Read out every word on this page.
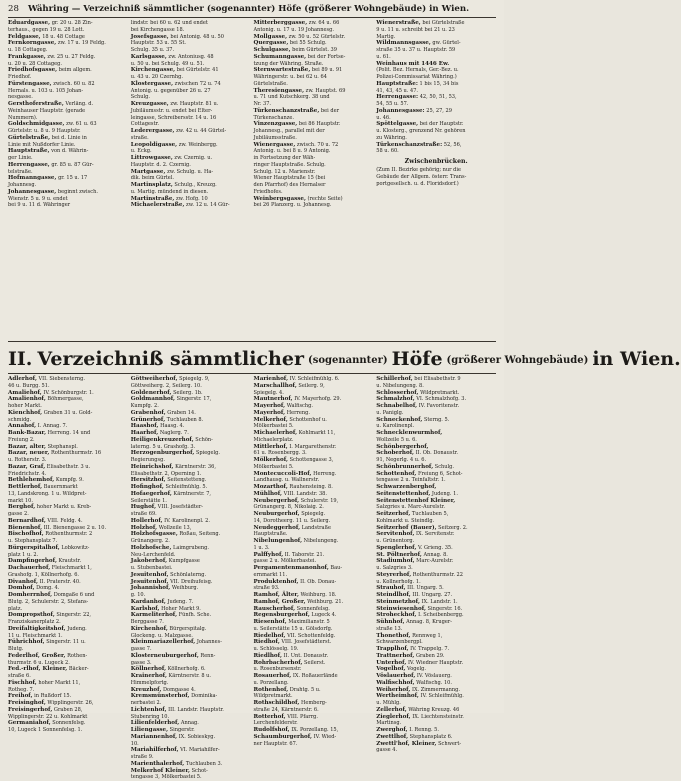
28 Währing — Verzeichniß sämmtlicher (sogenannter) Höfe (größerer Wohngebäude) in Wien.
Eduardgasse, gr. 20 u. 28 Zin-
terhaus., gegen 19 u. 28 Lott.
Feldgasse, 18 u. 48 Cottage
Fernkorngasse, zw. 17 u. 19 Feldg.
u. 18 Cottageg.
Frankgasse, zw. 25 u. 27 Feldg.
u. 20 u. 28 Cottageg.
Friedhofsgasse, beim allgem.
Friedhof.
Fürstengasse, zwisch. 60 u. 82
Hernals. u. 103 u. 105 Johan-
nesgasse.
Gersthoferstraße, Verläng. d.
Weinhauser Hauptstr. (gerade
Nummern).
Goldschmidgasse, zw. 61 u. 63
Gürtelstr. u. 8 u. 9 Hauptstr.
Gürtelstraße, bei d. Linie in
Linie mit Nußdorfer Linie.
Hauptstraße, von d. Währin-
ger Linie.
Herrengasse, gr. 85 u. 87 Gür-
telstraße.
Hofmanngasse, gr. 15 u. 17
Johannesg.
Johannesgasse, beginnt zwisch.
Wienstr. 5 u. 9 u. endet
bei 9 u. 11 d. Währinger
lindstr. bei 60 u. 62 und endet
bei Kirchengasse 18.
Josefsgasse, bei Antonig. 48 u. 50
Hauptstr. 53 u. 55 St.
Schulg. 35 u. 37.
Karlsgasse, zw. Antoniusg. 48
u. 50 u. bei Schulg. 49 u. 51.
Kirchengasse, bei Gürtelstr. 41
u. 43 u. 20 Czernhg.
Klostergasse, zwischen 72 u. 74
Antonig. u. gegenüber 26 u. 27
Schulg.
Kreuzgasse, zw. Hauptstr. 81 u.
Jubiläumsstr. u. endet bei Elter-
leingasse, Schreibersstr. 14 u. 16
Cottagestr.
Lederergasse, zw. 42 u. 44 Gürtel-
straße.
Leopoldigasse, zw. Weinbergg.
u. Eckg.
Littrowgasse, zw. Czernig. u.
Hauptstr. d. 2. Czernig.
Martgasse, zw. Schulg. u. Ha-
dik. beim Gürtel.
Martinsplatz, Schulg., Kreuzg.
u. Martig. mündend in diesen.
Martinstraße, zw. Hofg. 10
Michaelerstraße, zw. 12 u. 14 Gür-
Mitterberggasse, zw. 64 u. 66
Antonig. u. 17 u. 19 Johannesg.
Mollgasse, zw. 50 u. 52 Gürtelstr.
Quergasse, bei 55 Schulg.
Schulgasse, beim Gürtelst. 39
Schumanngasse, bei der Fortse-
tzung der Währing. Straße.
Sternwartestraße, bei 89 u. 91
Währingerstr. u. bei 62 u. 64
Gürtelstraße.
Theresiengasse, zw. Hauptst. 69
u. 71 und Kutschkerg. 38 und
Nr. 37.
Türkenschanzstraße, bei der
Türkenschanze.
Vinzenzgasse, bei 86 Hauptstr.
Johannesg., parallel mit der
Jubiläumsstraße.
Wienergasse, zwisch. 70 u. 72
Antonig. u. bei 8 u. 9 Antonig.
in Fortsetzung der Wäh-
ringer Hauptstraße. Schulg.
Schulg. 12 u. Marienstr.
Wiener Hauptstraße 15 (bei
den Pfarrhof) des Hernalser
Friedhofes.
Weinbergsgasse, (rechte Seite)
bei 26 Planzerg. u. Johannesg.
Wienerstraße, bei Gürtelstraße
9 u. 11 u. schreibt bei 21 u. 23
Martig.
Wildmannsgasse, gw. Gürtel-
straße 35 u. 37 u. Hauptstr. 59
u. 61.
Weinhaus mit 1446 Ew.
(Polit. Bez. Hernals, Ger.-Bez. u.
Polizei-Commissariat Währing.)
Hauptstraße: 1 bis 15, 34 bis
41, 43, 45 u. 47.
Herrengasse: 42, 50, 51, 53,
54, 55 u. 57.
Johannesgasse: 25, 27, 29
u. 46.
Spöttelgasse, bei der Hauptstr.
u. Klosterg., grenzend Nr. gehören
zu Währing.
Türkenschanzstraße: 52, 56,
58 u. 60.
Zwischenbrücken.
(Zum II. Bezirke gehörig; nur die
Gebäude der Allgem. österr. Trans-
portgesellsch. u. d. Floridsdorf.)
II. Verzeichniß sämmtlicher (sogenannter) Höfe (größerer Wohngebäude) in Wien.
Adlerhof, VII. Siebensterng.
46 u. Burgg. 51.
Amaliehof, IV. Schönburgstr. 1.
Amalienhof, Böhmergasse,
hoher Markt.
Kienchhof, Graben 31 u. Gold-
schmidg.
Annahof, I. Annag. 7.
Bank-Bazar, Herreng. 14 und
Freiung 2.
Bazar, alter, Stephanspl.
Bazar, neuer, Rothenthurmstr. 16
u. Rotherstr. 3.
Bazar, Graf, Elisabethstr. 3 u.
Friedrichstr. 4.
Bethlehemhof, Kumpfg. 9.
Bettlerhof, Bauernmarkt
13, Landskrong. 1 u. Wildpret-
markt 10.
Berghof, hoher Markt u. Kreb-
gasse 2.
Bernardhof, VIII. Feldg. 4.
Bienenhof, III. Bienengasse 2 u. 10.
Bischofhof, Rothenthurmstr. 2
u. Stephansplatz 7.
Bürgerspitalhof, Lobkowitz-
platz 1 u. 2.
Dampfingerhof, Krautstr.
Dachauerhof, Fleischmarkt 1,
Grashofg. 1, Köllnerhofg. 6.
Divanhof, II. Praterstr. 40.
Domhof, Domg. 4.
Domherrnhof, Domgaße 6 und
Blutg. 2, Schulerstr. 2, Stefans-
platz.
Dompropsthof, Singerstr. 22,
Franziskanerplatz 2.
Dreifaltigkeitshof, Judeng.
11 u. Fleischmarkt 1.
Führichhof, Singerstr. 11 u.
Blutg.
Federlhof, Großer, Rothen-
thurmstr. 6 u. Lugeck 2.
Fed.-rlhof, Kleiner, Bäcker-
straße 6.
Fischhof, hoher Markt 11,
Rotheg. 7.
Freihof, in Rußdorf 15.
Freisinghof, Wipplingerstr. 26,
Freisingerhof, Graben 28,
Wipplingerstr. 22 u. Kohlmarkt
Germaniahof, Sonnenfelsg.
10, Lugeck 1 Sonnenfelsg. 1.
Göttweiherhof, Spiegelg. 9,
Göttweiherg. 2, Seilerg. 10.
Goldenerhof, Seilerg. 1b.
Goldmannhof, Singerstr. 17,
Kumpfg. 2.
Grabenhof, Graben 14.
Grünerhof, Tuchlauben 8.
Haashof, Haasg. 4.
Haarhof, Naglerg. 7.
Heiligenkreuzerhof, Schön-
laterng. 5 u. Grashofg. 3.
Herzogenburgerhof, Spiegelg.
Regierungsg.
Heinrichshof, Kärntnerstr. 36,
Elisabethstr. 2, Operning 1.
Hersitzhof, Seitenstetteng.
Hofinghof, Schleifmühlg. 5.
Hofaegerhof, Kärntnerstr. 7,
Seilerstätte 1.
Hughof, VIII. Josefstädter-
straße 69.
Hollerhof, IV. Karolinenpl. 2.
Holzhof, Wollzeile 13,
Holzhofsgasse, Roßau, Seiteng.
Grünangerg. 2.
Holzhofsche, Laimgrubeng.
Neu-Lerchenfeld.
Jakoberhof, Kumpfgasse
u. Stubenbastei.
Jesuitenhof, Schönlaterng.
Jesuitenhof, VII. Dreihufeisg.
Johannishof, Weihburg.
g. 10.
Kardanhof, Judeng. 7.
Karlshof, Hoher Markt 9.
Karmeliterhof, Fünfh. Sche.
Berggasse 7.
Kirchenhof, Bürgerspitalg.
Glockeng. u. Malzgasse.
Kleinmariazellerhof, Johannes-
gasse 7.
Klosterneuburgerhof, Renn-
gasse 3.
Köllnerhof, Köllnerhofg. 6.
Krainerhof, Kärntnerstr. 8 u.
Himmelpfortg.
Kreuzhof, Domgasse 4.
Kremsmünsterhof, Dominika-
nerbastei 2.
Lichtenhof, III. Landstr. Hauptstr.
Stubenring 10.
Lilienfelderhof, Annag.
Liliengasse, Singerstr.
Mariannenhof, IX. Sobieskyg.
10.
Mariahilferhof, VI. Mariahilfer-
straße 9.
Marienthalerhof, Tuchlauben 3.
Melkerhof Kleiner, Schot-
tengasse 3, Mölkerbastei 5.
Marienhof, IV. Schleifmühlg. 6.
Marschallhof, Seilerg. 9,
Spiegelg. 4.
Mautnerhof, IV. Mayerhofg. 29.
Mayerhof, Walfischg.
Mayerhof, Herreng.
Melkerhof, Schottenhof u.
Mölkerbastei 5.
Michaelerhof, Kohlmarkt 11,
Michaelerplatz.
Mittlerhof, I. Margarethenstr.
61 u. Rosenbergg. 3.
Mölkerhof, Schottengasse 3,
Mölkerbastei 5.
Montecuccoli-Hof, Herreng.
Landhausg. u. Wallnerstr.
Mozarthof, Rauhensteing. 8.
Mühlhof, VIII. Landstr. 38.
Neubergerhof, Schulerstr. 19,
Grünangerg. 8, Nikolaig. 2.
Neuburgerhof, Spiegelg.
14, Dorotheerg. 11 u. Seilerg.
Neudeggerhof, Landstraße
Hauptstraße.
Nibelungenhof, Nibelungeng.
1 u. 3.
Palffyhof, II. Taborstr. 21.
gasse 2 u. Mölkerbastei.
Pergamentenmanonhof, Bau-
ernmarkt 11.
Produktenhof, II. Ob. Donau-
straße 93.
Ramhof, Älter, Weihburg. 18.
Ramhof, Großer, Weihburg. 21.
Rauscherhof, Sonnenfelsg.
Regensburgerhof, Lugeck 4.
Riesenhof, Maximilianstr. 5
u. Seilerstätte 15 u. Gölsdorfg.
Riedelhof, VII. Schottenfeldg.
Riedhof, VIII. Josefstädterst.
u. Schlösselg. 19.
Riedlhof, II. Unt. Donaustr.
Rohrbacherhof, Seilerst.
u. Rosenbursenstr.
Rosauerhof, IX. Roßauerlände
u. Porzellang.
Rothenhof, Drahtg. 5 u.
Wildpretmarkt.
Rothschildhof, Hemberg-
straße 24, Kärntnerstr. 6.
Rotterhof, VIII. Pfarrg.
Lerchenfelderstr.
Rudolfshof, IX. Porzellang. 15,
Schaumburgerhof, IV. Wied-
ner Hauptstr. 67.
Schillerhof, bei Elisabethstr. 9
u. Nibelungeng. 8.
Schlosserhof, Wildpretmarkt.
Schmalzhof, VI. Schmalzhofg. 3.
Schnabelhof, IV. Favoritenstr.
u. Paniglg.
Schneckenhof, Sterng. 5.
u. Karolinenpl.
Schnecklenwurmhof,
Wollzeile 5 u. 6.
Schönbergerhof,
Schoberhof, II. Ob. Donaustr.
91, Negerlg. 4 u. 6.
Schönbrunnerhof, Schulg.
Schottenhof, Freiung 6, Schot-
tengasse 2 u. Teinfaltstr. 1.
Schwarzenberghof,
Seitenstettenhof, Judeng. 1.
Seitenstettenhof Kleiner,
Salzgries u. Marc-Aurelstr.
Seitzerhof, Tuchlauben 5,
Kohlmarkt u. Steindlg.
Seitzerhof (Bauer), Seitzerg. 2.
Servitenhof, IX. Servitenstr.
u. Grünentorg.
Spenglerhof, V. Grieng. 35.
St. Pöltnerhof, Annag. 8.
Stadiumhof, Marc-Aurelstr.
u. Salzgries 3.
Steyrerhof, Rothenthurmstr. 22
u. Kollnerhofg. 1.
Strauhof, III. Ungarg. 5.
Steindlhof, III. Ungarg. 27.
Steinmetzhof, IX. Landstr. 1.
Steinwiesenhof, Singerstr. 16.
Stroheckhof, I. Scheibenbergg.
Sühnhof, Annag. 8, Kruger-
straße 13.
Thonethof, Rennweg 1,
Schwarzenbergpl.
Trapplhof, IV. Trappelg. 7.
Trattnerhof, Graben 29.
Unterhof, IV. Wiedner Hauptstr.
Vogelhof, Vogelg.
Vöslauerhof, IV. Vöslauerg.
Walfischhof, Walfischg. 10.
Weiherhof, IX. Zimmermanng.
Wertheimhof, IV. Schleifmühlg.
u. Mühlg.
Zellerhof, Währing Kreuzg. 46
Zieglerhof, IX. Liechtensteinstr.
Martinsg.
Zwerghof, I. Renng. 5.
Zwettlhof, Stephansplatz 6.
Zwettl'hof, Kleiner, Schwert-
gasse 4.
